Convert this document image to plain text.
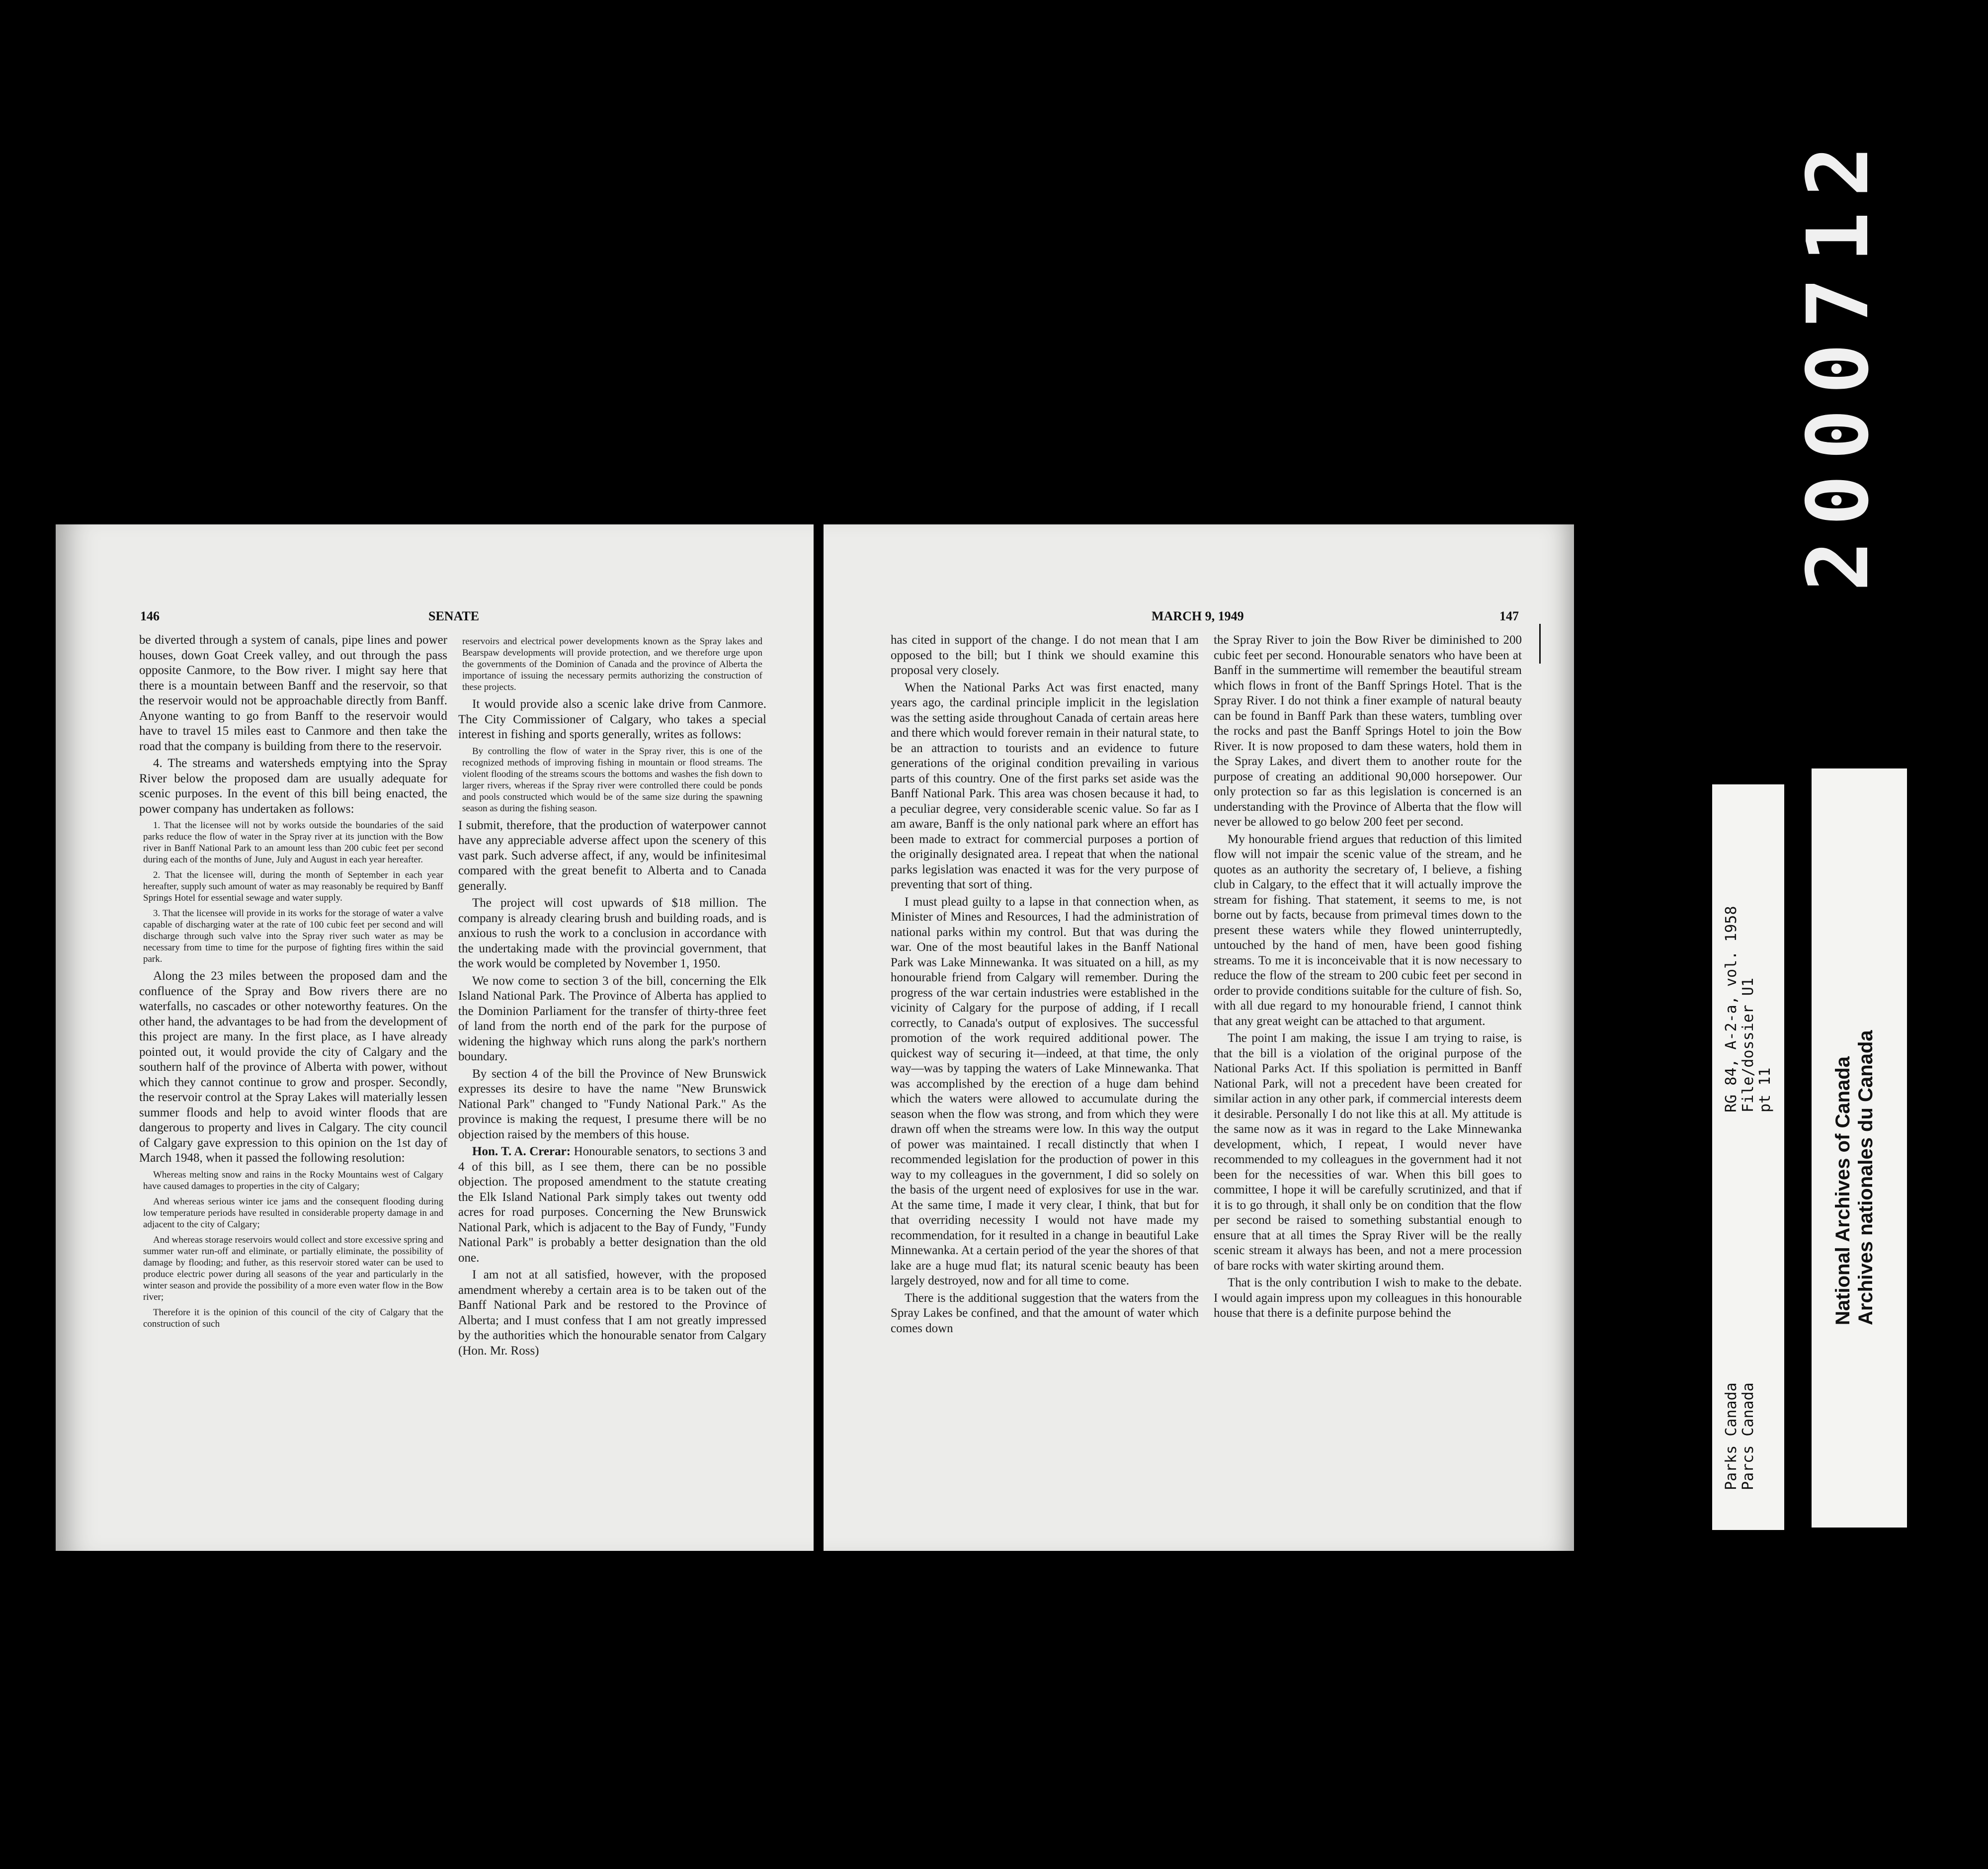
146	SENATE

be diverted through a system of canals, pipe lines and power houses, down Goat Creek valley, and out through the pass opposite Canmore, to the Bow river. I might say here that there is a mountain between Banff and the reservoir, so that the reservoir would not be approachable directly from Banff. Anyone wanting to go from Banff to the reservoir would have to travel 15 miles east to Canmore and then take the road that the company is building from there to the reservoir.

4. The streams and watersheds emptying into the Spray River below the proposed dam are usually adequate for scenic purposes. In the event of this bill being enacted, the power company has undertaken as follows:

1. That the licensee will not by works outside the boundaries of the said parks reduce the flow of water in the Spray river at its junction with the Bow river in Banff National Park to an amount less than 200 cubic feet per second during each of the months of June, July and August in each year hereafter.

2. That the licensee will, during the month of September in each year hereafter, supply such amount of water as may reasonably be required by Banff Springs Hotel for essential sewage and water supply.

3. That the licensee will provide in its works for the storage of water a valve capable of discharging water at the rate of 100 cubic feet per second and will discharge through such valve into the Spray river such water as may be necessary from time to time for the purpose of fighting fires within the said park.

Along the 23 miles between the proposed dam and the confluence of the Spray and Bow rivers there are no waterfalls, no cascades or other noteworthy features. On the other hand, the advantages to be had from the development of this project are many. In the first place, as I have already pointed out, it would provide the city of Calgary and the southern half of the province of Alberta with power, without which they cannot continue to grow and prosper. Secondly, the reservoir control at the Spray Lakes will materially lessen summer floods and help to avoid winter floods that are dangerous to property and lives in Calgary. The city council of Calgary gave expression to this opinion on the 1st day of March 1948, when it passed the following resolution:

Whereas melting snow and rains in the Rocky Mountains west of Calgary have caused damages to properties in the city of Calgary;

And whereas serious winter ice jams and the consequent flooding during low temperature periods have resulted in considerable property damage in and adjacent to the city of Calgary;

And whereas storage reservoirs would collect and store excessive spring and summer water run-off and eliminate, or partially eliminate, the possibility of damage by flooding; and futher, as this reservoir stored water can be used to produce electric power during all seasons of the year and particularly in the winter season and provide the possibility of a more even water flow in the Bow river;

Therefore it is the opinion of this council of the city of Calgary that the construction of such

reservoirs and electrical power developments known as the Spray lakes and Bearspaw developments will provide protection, and we therefore urge upon the governments of the Dominion of Canada and the province of Alberta the importance of issuing the necessary permits authorizing the construction of these projects.

It would provide also a scenic lake drive from Canmore. The City Commissioner of Calgary, who takes a special interest in fishing and sports generally, writes as follows:

By controlling the flow of water in the Spray river, this is one of the recognized methods of improving fishing in mountain or flood streams. The violent flooding of the streams scours the bottoms and washes the fish down to larger rivers, whereas if the Spray river were controlled there could be ponds and pools constructed which would be of the same size during the spawning season as during the fishing season.

I submit, therefore, that the production of waterpower cannot have any appreciable adverse affect upon the scenery of this vast park. Such adverse affect, if any, would be infinitesimal compared with the great benefit to Alberta and to Canada generally.

The project will cost upwards of $18 million. The company is already clearing brush and building roads, and is anxious to rush the work to a conclusion in accordance with the undertaking made with the provincial government, that the work would be completed by November 1, 1950.

We now come to section 3 of the bill, concerning the Elk Island National Park. The Province of Alberta has applied to the Dominion Parliament for the transfer of thirty-three feet of land from the north end of the park for the purpose of widening the highway which runs along the park's northern boundary.

By section 4 of the bill the Province of New Brunswick expresses its desire to have the name "New Brunswick National Park" changed to "Fundy National Park." As the province is making the request, I presume there will be no objection raised by the members of this house.

Hon. T. A. Crerar: Honourable senators, to sections 3 and 4 of this bill, as I see them, there can be no possible objection. The proposed amendment to the statute creating the Elk Island National Park simply takes out twenty odd acres for road purposes. Concerning the New Brunswick National Park, which is adjacent to the Bay of Fundy, "Fundy National Park" is probably a better designation than the old one.

I am not at all satisfied, however, with the proposed amendment whereby a certain area is to be taken out of the Banff National Park and be restored to the Province of Alberta; and I must confess that I am not greatly impressed by the authorities which the honourable senator from Calgary (Hon. Mr. Ross)

MARCH 9, 1949	147

has cited in support of the change. I do not mean that I am opposed to the bill; but I think we should examine this proposal very closely.

When the National Parks Act was first enacted, many years ago, the cardinal principle implicit in the legislation was the setting aside throughout Canada of certain areas here and there which would forever remain in their natural state, to be an attraction to tourists and an evidence to future generations of the original condition prevailing in various parts of this country. One of the first parks set aside was the Banff National Park. This area was chosen because it had, to a peculiar degree, very considerable scenic value. So far as I am aware, Banff is the only national park where an effort has been made to extract for commercial purposes a portion of the originally designated area. I repeat that when the national parks legislation was enacted it was for the very purpose of preventing that sort of thing.

I must plead guilty to a lapse in that connection when, as Minister of Mines and Resources, I had the administration of national parks within my control. But that was during the war. One of the most beautiful lakes in the Banff National Park was Lake Minnewanka. It was situated on a hill, as my honourable friend from Calgary will remember. During the progress of the war certain industries were established in the vicinity of Calgary for the purpose of adding, if I recall correctly, to Canada's output of explosives. The successful promotion of the work required additional power. The quickest way of securing it—indeed, at that time, the only way—was by tapping the waters of Lake Minnewanka. That was accomplished by the erection of a huge dam behind which the waters were allowed to accumulate during the season when the flow was strong, and from which they were drawn off when the streams were low. In this way the output of power was maintained. I recall distinctly that when I recommended legislation for the production of power in this way to my colleagues in the government, I did so solely on the basis of the urgent need of explosives for use in the war. At the same time, I made it very clear, I think, that but for that overriding necessity I would not have made my recommendation, for it resulted in a change in beautiful Lake Minnewanka. At a certain period of the year the shores of that lake are a huge mud flat; its natural scenic beauty has been largely destroyed, now and for all time to come.

There is the additional suggestion that the waters from the Spray Lakes be confined, and that the amount of water which comes down

the Spray River to join the Bow River be diminished to 200 cubic feet per second. Honourable senators who have been at Banff in the summertime will remember the beautiful stream which flows in front of the Banff Springs Hotel. That is the Spray River. I do not think a finer example of natural beauty can be found in Banff Park than these waters, tumbling over the rocks and past the Banff Springs Hotel to join the Bow River. It is now proposed to dam these waters, hold them in the Spray Lakes, and divert them to another route for the purpose of creating an additional 90,000 horsepower. Our only protection so far as this legislation is concerned is an understanding with the Province of Alberta that the flow will never be allowed to go below 200 feet per second.

My honourable friend argues that reduction of this limited flow will not impair the scenic value of the stream, and he quotes as an authority the secretary of, I believe, a fishing club in Calgary, to the effect that it will actually improve the stream for fishing. That statement, it seems to me, is not borne out by facts, because from primeval times down to the present these waters while they flowed uninterruptedly, untouched by the hand of men, have been good fishing streams. To me it is inconceivable that it is now necessary to reduce the flow of the stream to 200 cubic feet per second in order to provide conditions suitable for the culture of fish. So, with all due regard to my honourable friend, I cannot think that any great weight can be attached to that argument.

The point I am making, the issue I am trying to raise, is that the bill is a violation of the original purpose of the National Parks Act. If this spoliation is permitted in Banff National Park, will not a precedent have been created for similar action in any other park, if commercial interests deem it desirable. Personally I do not like this at all. My attitude is the same now as it was in regard to the Lake Minnewanka development, which, I repeat, I would never have recommended to my colleagues in the government had it not been for the necessities of war. When this bill goes to committee, I hope it will be carefully scrutinized, and that if it is to go through, it shall only be on condition that the flow per second be raised to something substantial enough to ensure that at all times the Spray River will be the really scenic stream it always has been, and not a mere procession of bare rocks with water skirting around them.

That is the only contribution I wish to make to the debate. I would again impress upon my colleagues in this honourable house that there is a definite purpose behind the

2000712
RG 84, A-2-a, vol. 1958 File/dossier U1 pt 11
Parks Canada Parcs Canada
National Archives of Canada Archives nationales du Canada
